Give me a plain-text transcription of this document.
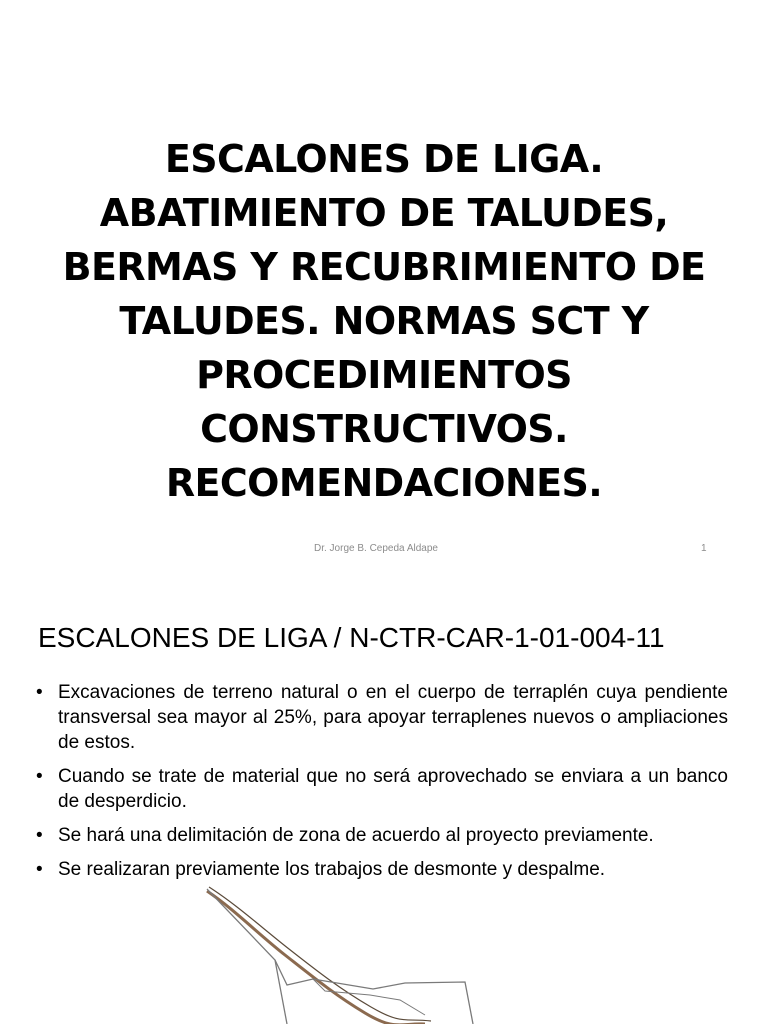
ESCALONES DE LIGA.
ABATIMIENTO DE TALUDES,
BERMAS Y RECUBRIMIENTO DE
TALUDES. NORMAS SCT Y
PROCEDIMIENTOS
CONSTRUCTIVOS.
RECOMENDACIONES.
Dr. Jorge B. Cepeda Aldape	1
ESCALONES DE LIGA / N-CTR-CAR-1-01-004-11
• Excavaciones de terreno natural o en el cuerpo de terraplén cuya pendiente transversal sea mayor al 25%, para apoyar terraplenes nuevos o ampliaciones de estos.
• Cuando se trate de material que no será aprovechado se enviara a un banco de desperdicio.
• Se hará una delimitación de zona de acuerdo al proyecto previamente.
• Se realizaran previamente los trabajos de desmonte y despalme.
